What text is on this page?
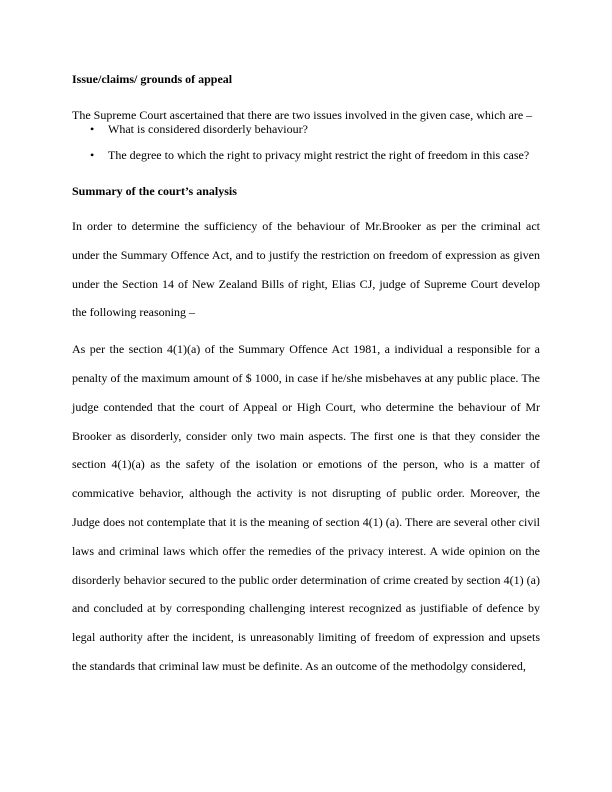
Issue/claims/ grounds of appeal

The Supreme Court ascertained that there are two issues involved in the given case, which are –

• What is considered disorderly behaviour?
• The degree to which the right to privacy might restrict the right of freedom in this case?

Summary of the court’s analysis

In order to determine the sufficiency of the behaviour of Mr.Brooker as per the criminal act under the Summary Offence Act, and to justify the restriction on freedom of expression as given under the Section 14 of New Zealand Bills of right, Elias CJ, judge of Supreme Court develop the following reasoning –

As per the section 4(1)(a) of the Summary Offence Act 1981, a individual a responsible for a penalty of the maximum amount of $ 1000, in case if he/she misbehaves at any public place. The judge contended that the court of Appeal or High Court, who determine the behaviour of Mr Brooker as disorderly, consider only two main aspects. The first one is that they consider the section 4(1)(a) as the safety of the isolation or emotions of the person, who is a matter of commicative behavior, although the activity is not disrupting of public order. Moreover, the Judge does not contemplate that it is the meaning of section 4(1) (a). There are several other civil laws and criminal laws which offer the remedies of the privacy interest. A wide opinion on the disorderly behavior secured to the public order determination of crime created by section 4(1) (a) and concluded at by corresponding challenging interest recognized as justifiable of defence by legal authority after the incident, is unreasonably limiting of freedom of expression and upsets the standards that criminal law must be definite. As an outcome of the methodolgy considered,
